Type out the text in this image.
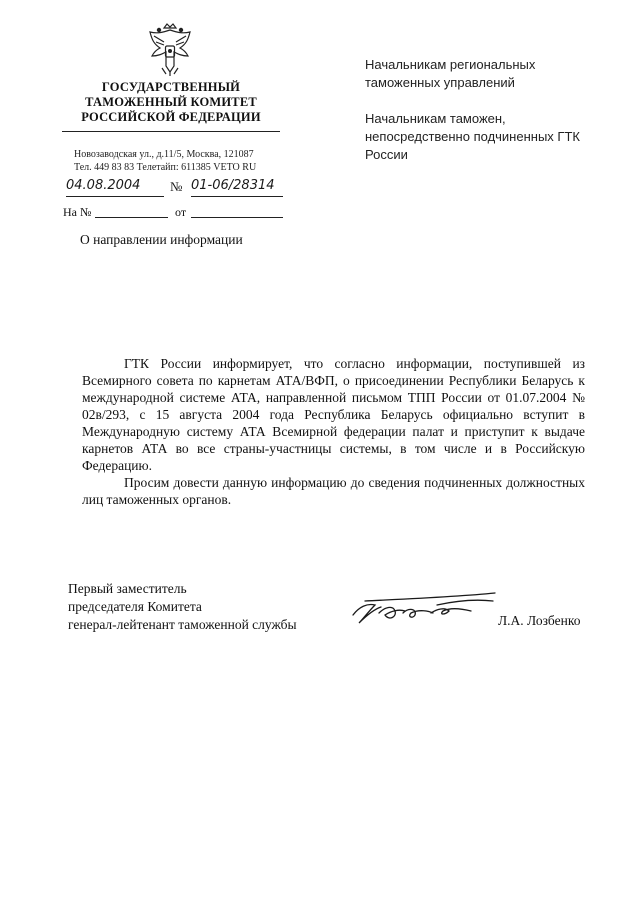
ГОСУДАРСТВЕННЫЙ
ТАМОЖЕННЫЙ КОМИТЕТ
РОССИЙСКОЙ ФЕДЕРАЦИИ
Новозаводская ул., д.11/5, Москва, 121087
Тел. 449 83 83 Телетайп: 611385 VETO RU
04.08.2004	№ 01-06/28314
На №	от
О направлении информации
Начальникам региональных таможенных управлений
Начальникам таможен, непосредственно подчиненных ГТК России

ГТК России информирует, что согласно информации, поступившей из Всемирного совета по карнетам АТА/ВФП, о присоединении Республики Беларусь к международной системе АТА, направленной письмом ТПП России от 01.07.2004 № 02в/293, с 15 августа 2004 года Республика Беларусь официально вступит в Международную систему АТА Всемирной федерации палат и приступит к выдаче карнетов АТА во все страны-участницы системы, в том числе и в Российскую Федерацию.

Просим довести данную информацию до сведения подчиненных должностных лиц таможенных органов.

Первый заместитель
председателя Комитета
генерал-лейтенант таможенной службы	Л.А. Лозбенко
